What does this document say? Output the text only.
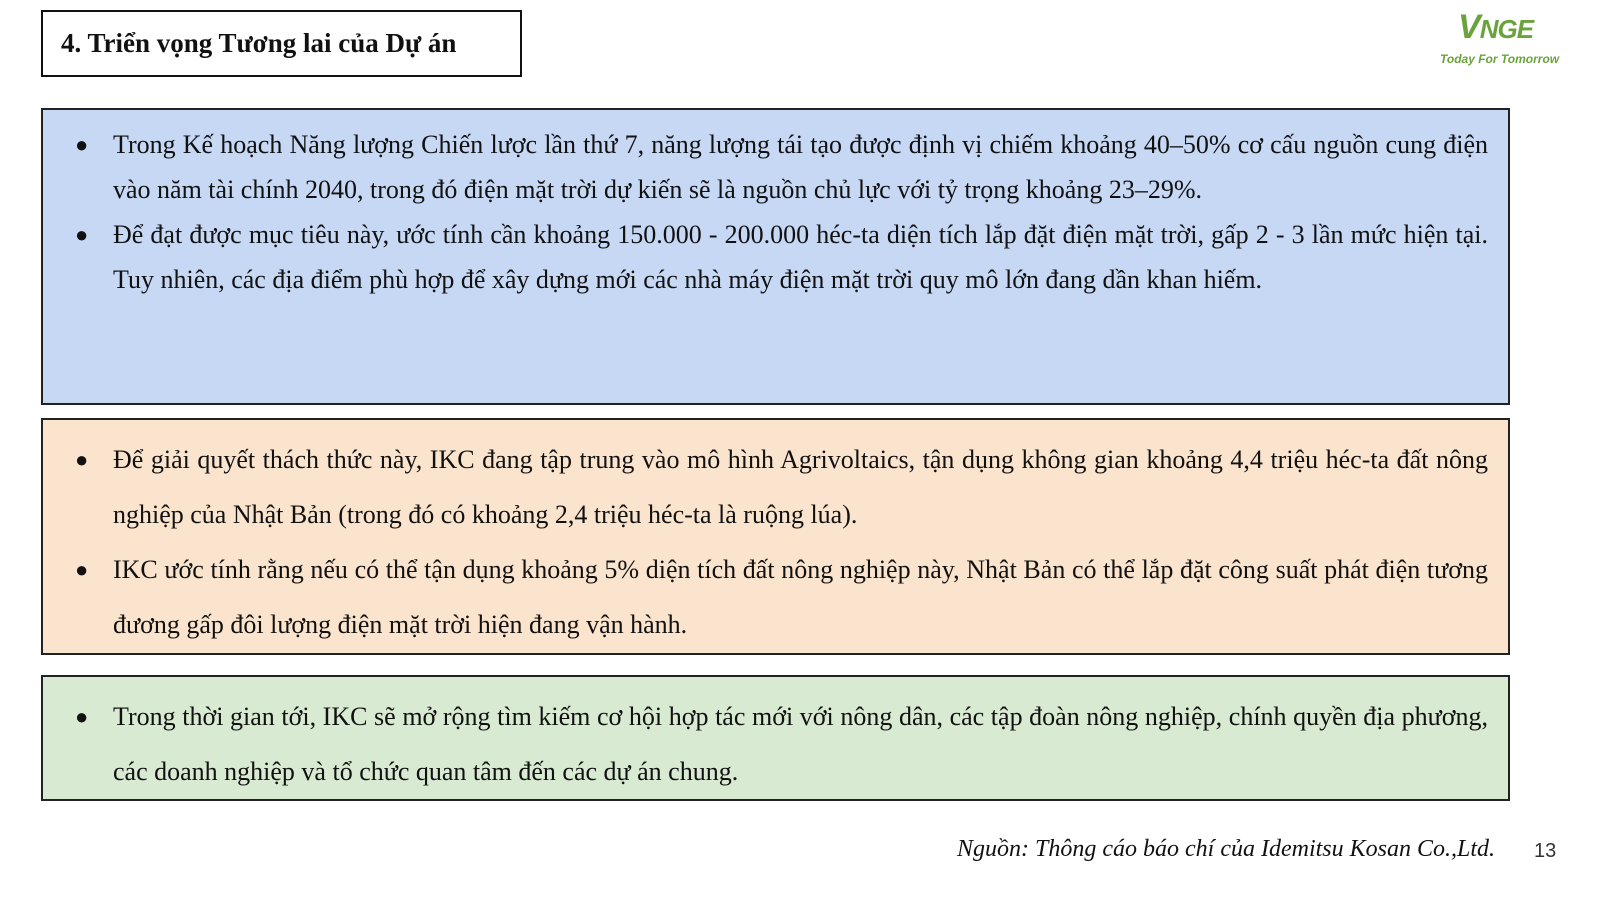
4. Triển vọng Tương lai của Dự án	VNGE
Today For Tomorrow
● Trong Kế hoạch Năng lượng Chiến lược lần thứ 7, năng lượng tái tạo được định vị chiếm khoảng 40–50% cơ cấu nguồn cung điện vào năm tài chính 2040, trong đó điện mặt trời dự kiến sẽ là nguồn chủ lực với tỷ trọng khoảng 23–29%.
● Để đạt được mục tiêu này, ước tính cần khoảng 150.000 - 200.000 héc-ta diện tích lắp đặt điện mặt trời, gấp 2 - 3 lần mức hiện tại. Tuy nhiên, các địa điểm phù hợp để xây dựng mới các nhà máy điện mặt trời quy mô lớn đang dần khan hiếm.
● Để giải quyết thách thức này, IKC đang tập trung vào mô hình Agrivoltaics, tận dụng không gian khoảng 4,4 triệu héc-ta đất nông nghiệp của Nhật Bản (trong đó có khoảng 2,4 triệu héc-ta là ruộng lúa).
● IKC ước tính rằng nếu có thể tận dụng khoảng 5% diện tích đất nông nghiệp này, Nhật Bản có thể lắp đặt công suất phát điện tương đương gấp đôi lượng điện mặt trời hiện đang vận hành.
● Trong thời gian tới, IKC sẽ mở rộng tìm kiếm cơ hội hợp tác mới với nông dân, các tập đoàn nông nghiệp, chính quyền địa phương, các doanh nghiệp và tổ chức quan tâm đến các dự án chung.
Nguồn: Thông cáo báo chí của Idemitsu Kosan Co.,Ltd. 13
